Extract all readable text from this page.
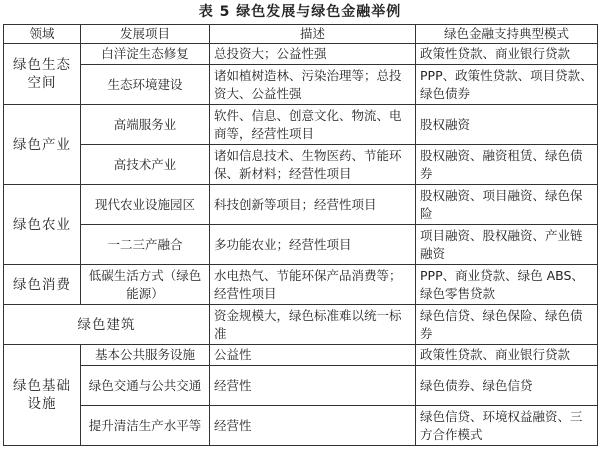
表 5 绿色发展与绿色金融举例
领域	发展项目	描述	绿色金融支持典型模式
绿色生态空间	白洋淀生态修复	总投资大；公益性强	政策性贷款、商业银行贷款
	生态环境建设	诸如植树造林、污染治理等；总投资大、公益性强	PPP、政策性贷款、项目贷款、绿色债券
绿色产业	高端服务业	软件、信息、创意文化、物流、电商等，经营性项目	股权融资
	高技术产业	诸如信息技术、生物医药、节能环保、新材料；经营性项目	股权融资、融资租赁、绿色债券
绿色农业	现代农业设施园区	科技创新等项目；经营性项目	股权融资、项目融资、绿色保险
	一二三产融合	多功能农业；经营性项目	项目融资、股权融资、产业链融资
绿色消费	低碳生活方式（绿色能源）	水电热气、节能环保产品消费等；经营性项目	PPP、商业贷款、绿色 ABS、绿色零售贷款
绿色建筑		资金规模大，绿色标准难以统一标准	绿色信贷、绿色保险、绿色债券
绿色基础设施	基本公共服务设施	公益性	政策性贷款、商业银行贷款
	绿色交通与公共交通	经营性	绿色债券、绿色信贷
	提升清洁生产水平等	经营性	绿色信贷、环境权益融资、三方合作模式
